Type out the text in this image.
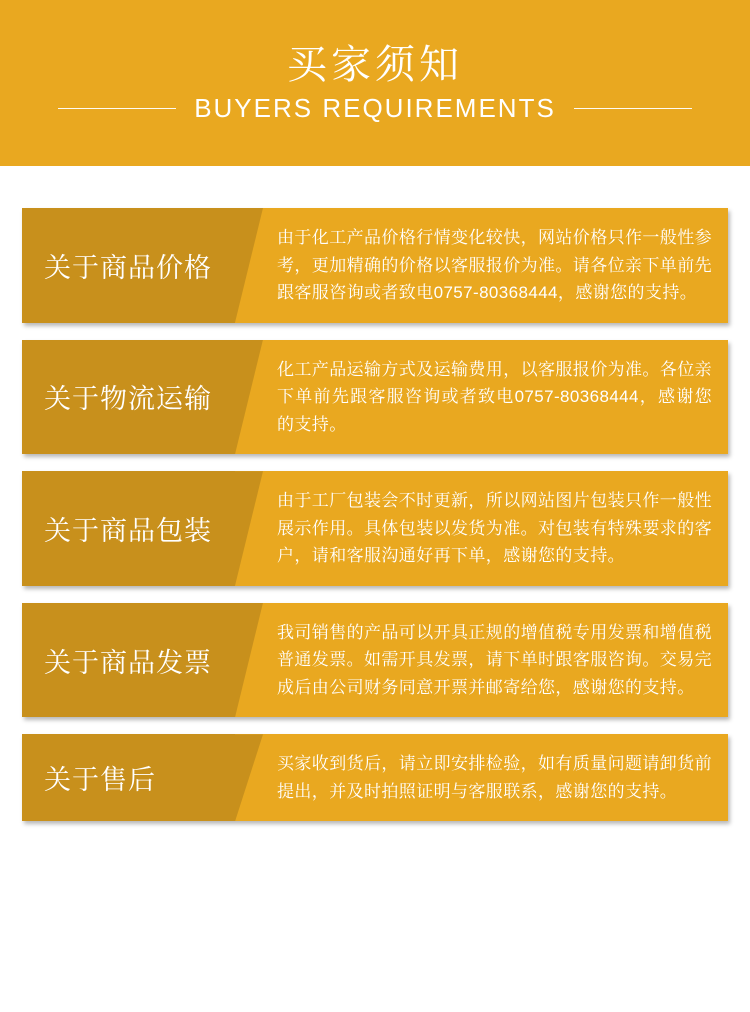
买家须知
BUYERS REQUIREMENTS
关于商品价格

由于化工产品价格行情变化较快，网站价格只作一般性参考，更加精确的价格以客服报价为准。请各位亲下单前先跟客服咨询或者致电0757-80368444，感谢您的支持。

关于物流运输

化工产品运输方式及运输费用，以客服报价为准。各位亲下单前先跟客服咨询或者致电0757-80368444，感谢您的支持。

关于商品包装

由于工厂包装会不时更新，所以网站图片包装只作一般性展示作用。具体包装以发货为准。对包装有特殊要求的客户，请和客服沟通好再下单，感谢您的支持。

关于商品发票

我司销售的产品可以开具正规的增值税专用发票和增值税普通发票。如需开具发票，请下单时跟客服咨询。交易完成后由公司财务同意开票并邮寄给您，感谢您的支持。

关于售后

买家收到货后，请立即安排检验，如有质量问题请卸货前提出，并及时拍照证明与客服联系，感谢您的支持。
